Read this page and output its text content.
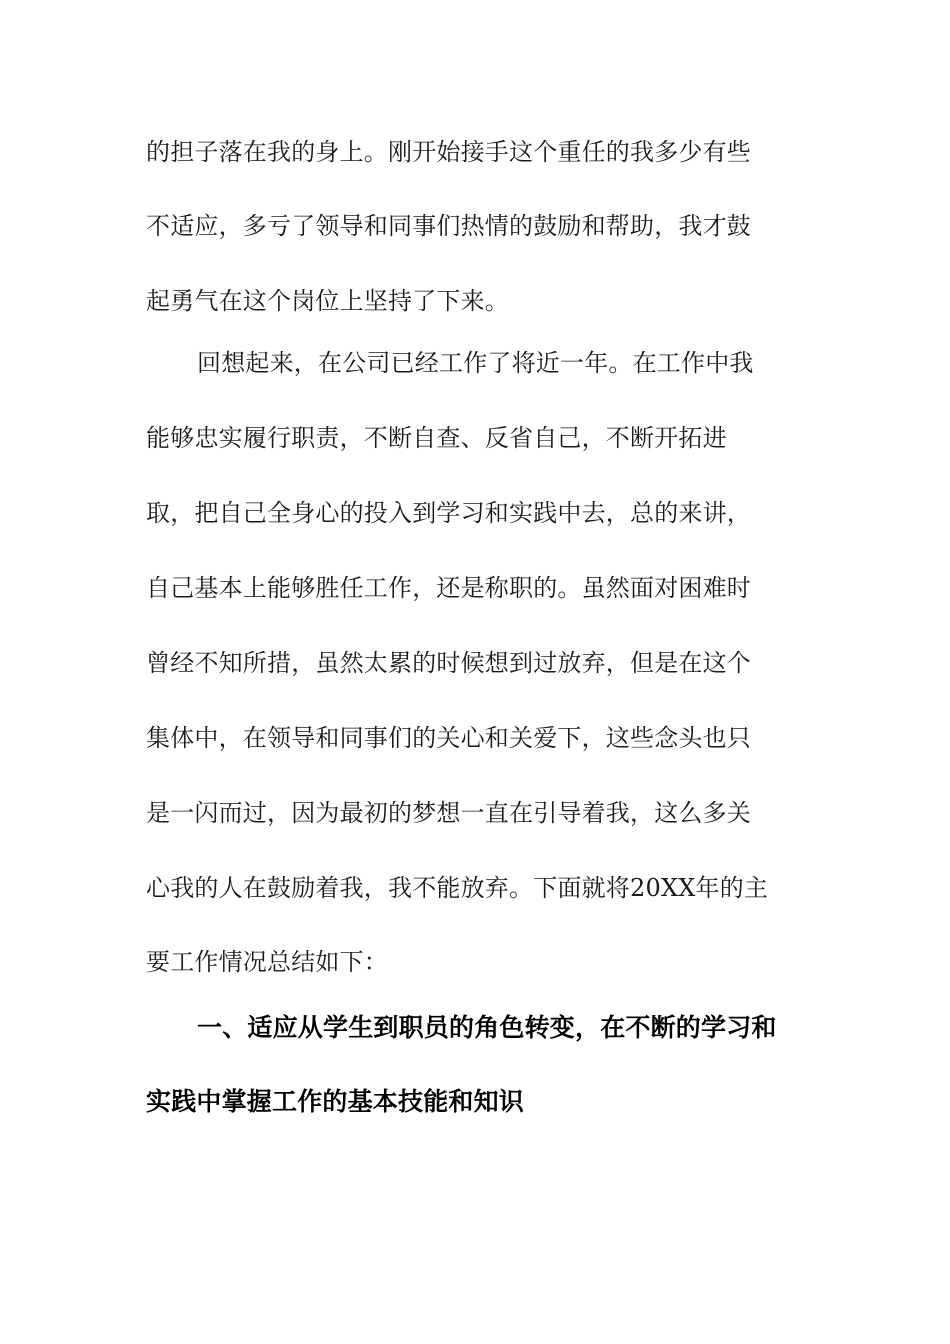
的担子落在我的身上。刚开始接手这个重任的我多少有些
不适应，多亏了领导和同事们热情的鼓励和帮助，我才鼓
起勇气在这个岗位上坚持了下来。
回想起来，在公司已经工作了将近一年。在工作中我
能够忠实履行职责，不断自查、反省自己，不断开拓进
取，把自己全身心的投入到学习和实践中去，总的来讲，
自己基本上能够胜任工作，还是称职的。虽然面对困难时
曾经不知所措，虽然太累的时候想到过放弃，但是在这个
集体中，在领导和同事们的关心和关爱下，这些念头也只
是一闪而过，因为最初的梦想一直在引导着我，这么多关
心我的人在鼓励着我，我不能放弃。下面就将20XX年的主
要工作情况总结如下：
一、适应从学生到职员的角色转变，在不断的学习和
实践中掌握工作的基本技能和知识
